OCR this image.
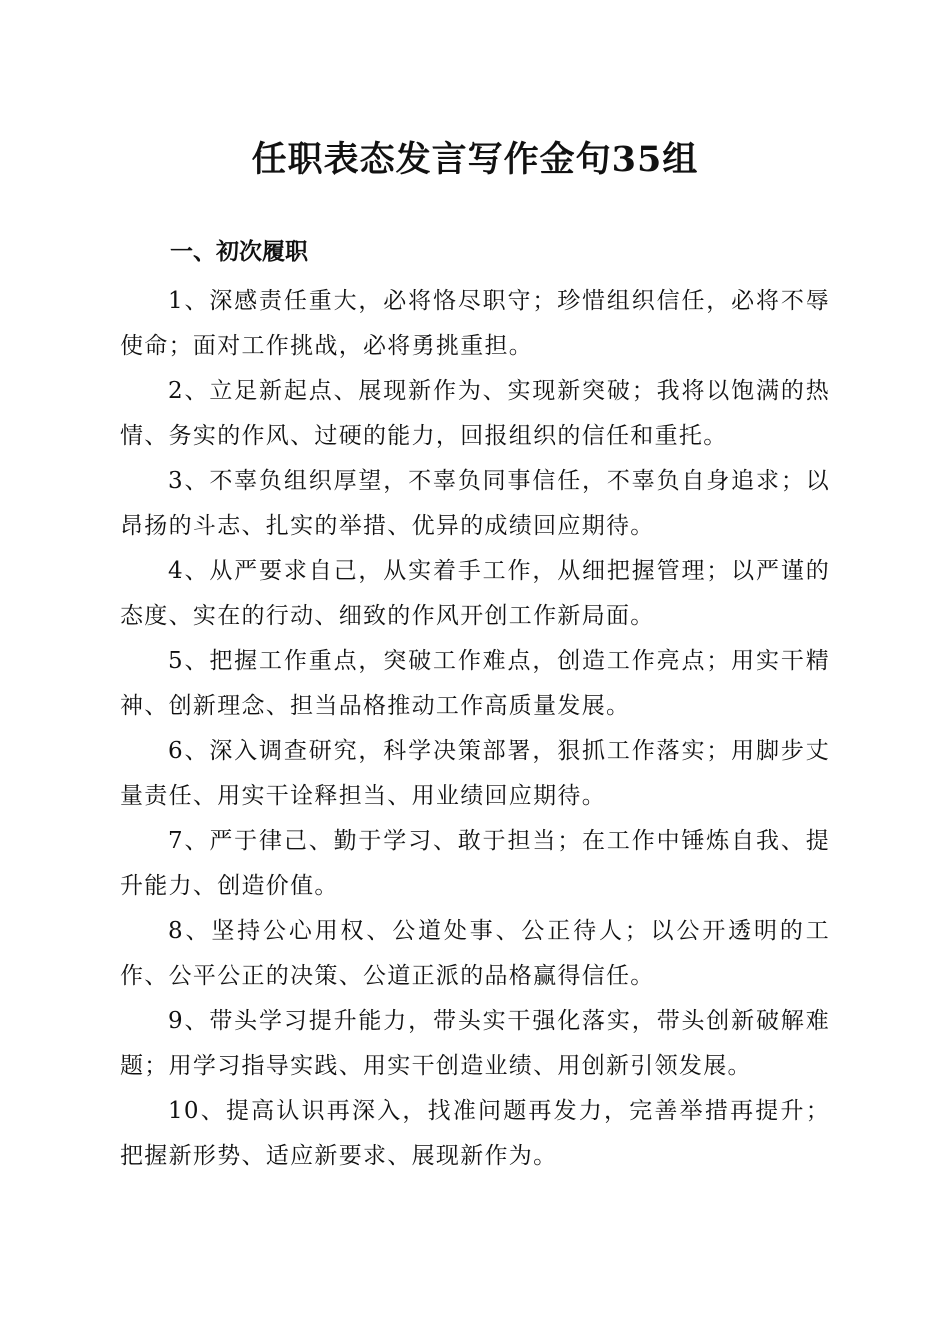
任职表态发言写作金句35组
一、初次履职
1、深感责任重大，必将恪尽职守；珍惜组织信任，必将不辱使命；面对工作挑战，必将勇挑重担。
2、立足新起点、展现新作为、实现新突破；我将以饱满的热情、务实的作风、过硬的能力，回报组织的信任和重托。
3、不辜负组织厚望，不辜负同事信任，不辜负自身追求；以昂扬的斗志、扎实的举措、优异的成绩回应期待。
4、从严要求自己，从实着手工作，从细把握管理；以严谨的态度、实在的行动、细致的作风开创工作新局面。
5、把握工作重点，突破工作难点，创造工作亮点；用实干精神、创新理念、担当品格推动工作高质量发展。
6、深入调查研究，科学决策部署，狠抓工作落实；用脚步丈量责任、用实干诠释担当、用业绩回应期待。
7、严于律己、勤于学习、敢于担当；在工作中锤炼自我、提升能力、创造价值。
8、坚持公心用权、公道处事、公正待人；以公开透明的工作、公平公正的决策、公道正派的品格赢得信任。
9、带头学习提升能力，带头实干强化落实，带头创新破解难题；用学习指导实践、用实干创造业绩、用创新引领发展。
10、提高认识再深入，找准问题再发力，完善举措再提升；把握新形势、适应新要求、展现新作为。
